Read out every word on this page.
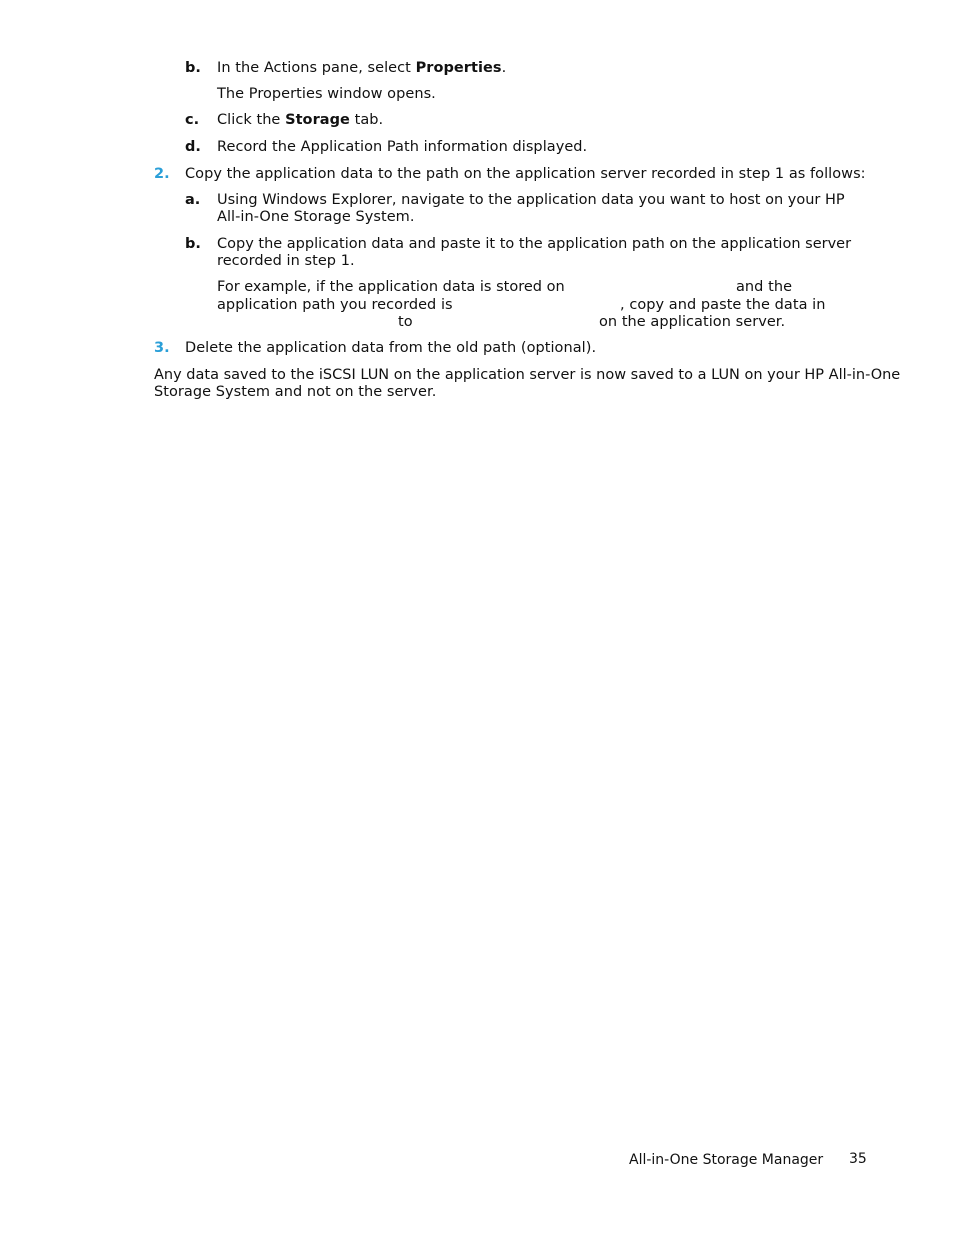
b. In the Actions pane, select Properties.
The Properties window opens.
c. Click the Storage tab.
d. Record the Application Path information displayed.
2. Copy the application data to the path on the application server recorded in step 1 as follows:
a. Using Windows Explorer, navigate to the application data you want to host on your HP
All-in-One Storage System.
b. Copy the application data and paste it to the application path on the application server
recorded in step 1.
For example, if the application data is stored on	and the
application path you recorded is	, copy and paste the data in
to	on the application server.
3. Delete the application data from the old path (optional).
Any data saved to the iSCSI LUN on the application server is now saved to a LUN on your HP All-in-One
Storage System and not on the server.
All-in-One Storage Manager 35
